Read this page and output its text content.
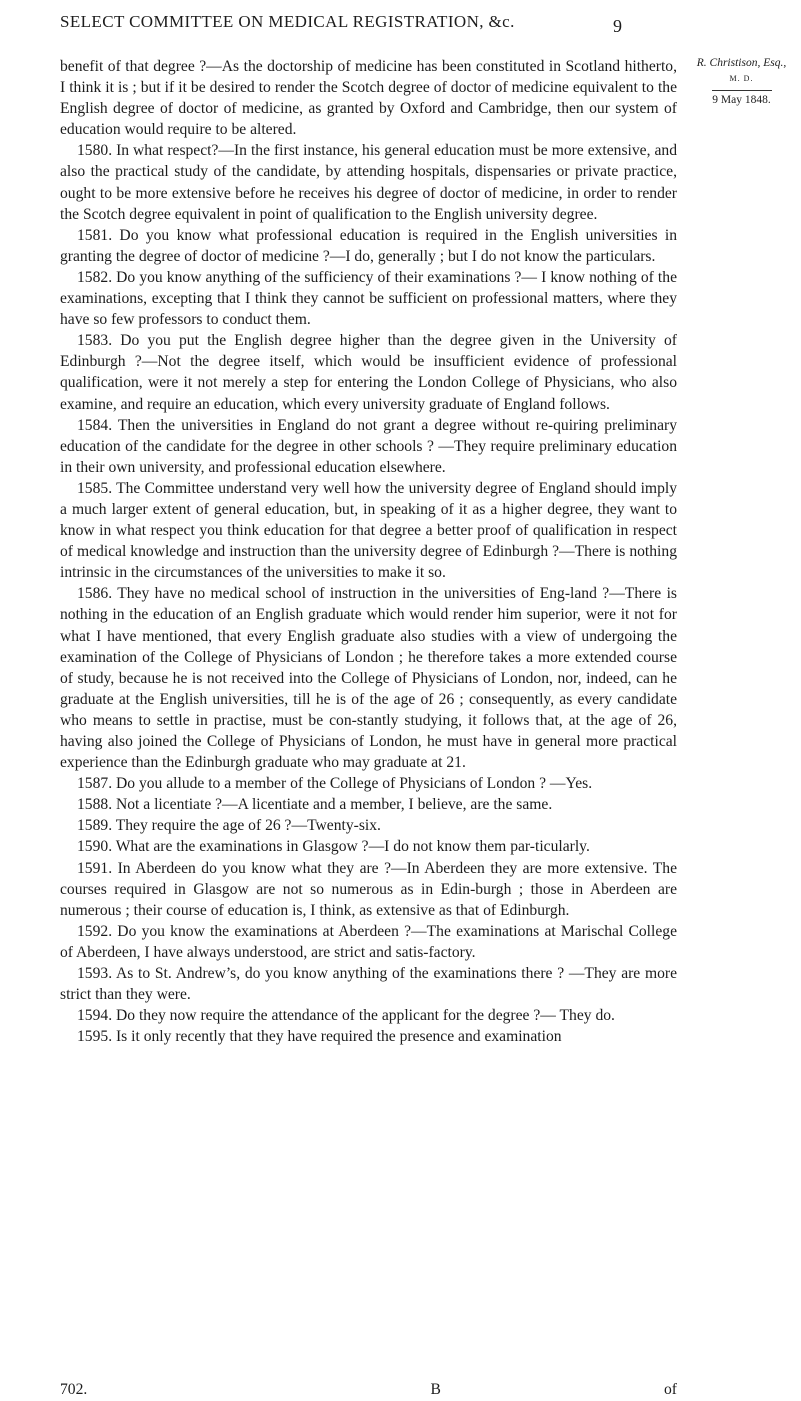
SELECT COMMITTEE ON MEDICAL REGISTRATION, &c.	9
R. Christison, Esq.,
M. D.
9 May 1848.

benefit of that degree ?—As the doctorship of medicine has been constituted in Scotland hitherto, I think it is ; but if it be desired to render the Scotch degree of doctor of medicine equivalent to the English degree of doctor of medicine, as granted by Oxford and Cambridge, then our system of education would require to be altered.

1580. In what respect?—In the first instance, his general education must be more extensive, and also the practical study of the candidate, by attending hospitals, dispensaries or private practice, ought to be more extensive before he receives his degree of doctor of medicine, in order to render the Scotch degree equivalent in point of qualification to the English university degree.

1581. Do you know what professional education is required in the English universities in granting the degree of doctor of medicine ?—I do, generally ; but I do not know the particulars.

1582. Do you know anything of the sufficiency of their examinations ?— I know nothing of the examinations, excepting that I think they cannot be sufficient on professional matters, where they have so few professors to conduct them.

1583. Do you put the English degree higher than the degree given in the University of Edinburgh ?—Not the degree itself, which would be insufficient evidence of professional qualification, were it not merely a step for entering the London College of Physicians, who also examine, and require an education, which every university graduate of England follows.

1584. Then the universities in England do not grant a degree without re-quiring preliminary education of the candidate for the degree in other schools ? —They require preliminary education in their own university, and professional education elsewhere.

1585. The Committee understand very well how the university degree of England should imply a much larger extent of general education, but, in speaking of it as a higher degree, they want to know in what respect you think education for that degree a better proof of qualification in respect of medical knowledge and instruction than the university degree of Edinburgh ?—There is nothing intrinsic in the circumstances of the universities to make it so.

1586. They have no medical school of instruction in the universities of Eng-land ?—There is nothing in the education of an English graduate which would render him superior, were it not for what I have mentioned, that every English graduate also studies with a view of undergoing the examination of the College of Physicians of London ; he therefore takes a more extended course of study, because he is not received into the College of Physicians of London, nor, indeed, can he graduate at the English universities, till he is of the age of 26 ; consequently, as every candidate who means to settle in practise, must be con-stantly studying, it follows that, at the age of 26, having also joined the College of Physicians of London, he must have in general more practical experience than the Edinburgh graduate who may graduate at 21.

1587. Do you allude to a member of the College of Physicians of London ? —Yes.

1588. Not a licentiate ?—A licentiate and a member, I believe, are the same.

1589. They require the age of 26 ?—Twenty-six.

1590. What are the examinations in Glasgow ?—I do not know them par-ticularly.

1591. In Aberdeen do you know what they are ?—In Aberdeen they are more extensive. The courses required in Glasgow are not so numerous as in Edin-burgh ; those in Aberdeen are numerous ; their course of education is, I think, as extensive as that of Edinburgh.

1592. Do you know the examinations at Aberdeen ?—The examinations at Marischal College of Aberdeen, I have always understood, are strict and satis-factory.

1593. As to St. Andrew’s, do you know anything of the examinations there ? —They are more strict than they were.

1594. Do they now require the attendance of the applicant for the degree ?— They do.

1595. Is it only recently that they have required the presence and examination

702.	B	of
